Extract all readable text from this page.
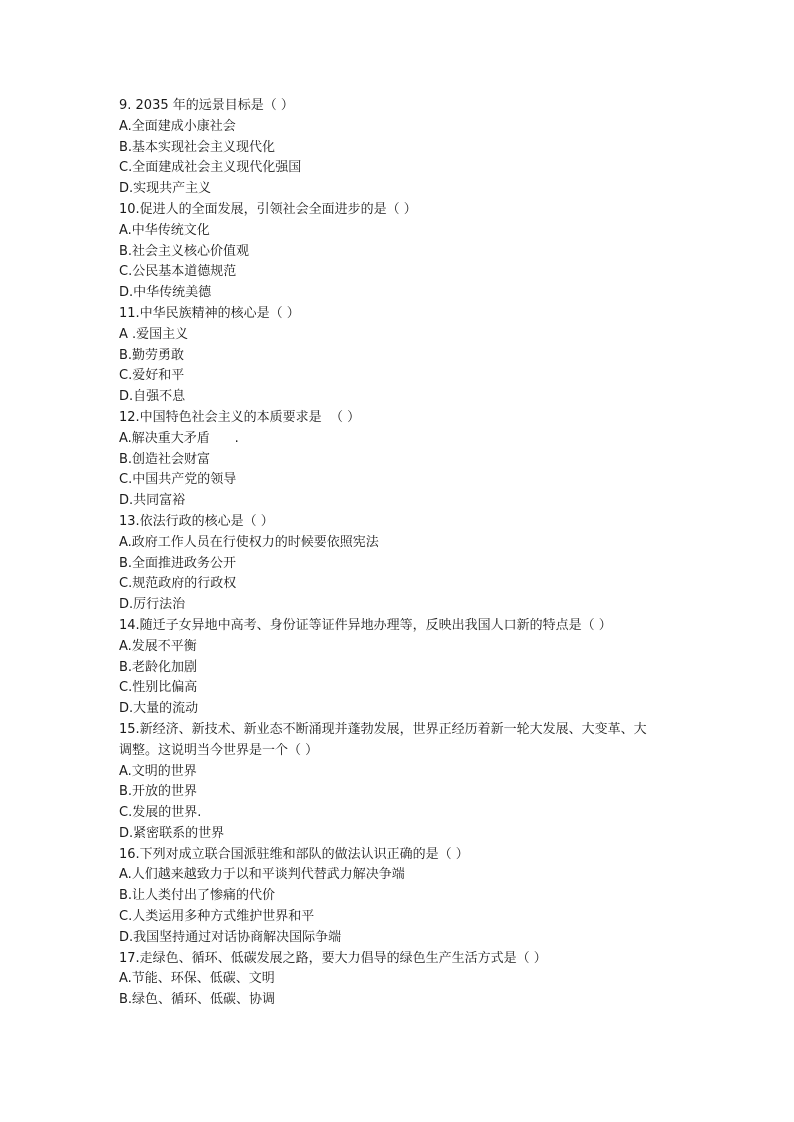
9. 2035 年的远景目标是（ ）
A.全面建成小康社会
B.基本实现社会主义现代化
C.全面建成社会主义现代化强国
D.实现共产主义
10.促进人的全面发展，引领社会全面进步的是（ ）
A.中华传统文化
B.社会主义核心价值观
C.公民基本道德规范
D.中华传统美德
11.中华民族精神的核心是（ ）
A .爱国主义
B.勤劳勇敢
C.爱好和平
D.自强不息
12.中国特色社会主义的本质要求是  （ ）
A.解决重大矛盾      .
B.创造社会财富
C.中国共产党的领导
D.共同富裕
13.依法行政的核心是（ ）
A.政府工作人员在行使权力的时候要依照宪法
B.全面推进政务公开
C.规范政府的行政权
D.厉行法治
14.随迁子女异地中高考、身份证等证件异地办理等，反映出我国人口新的特点是（ ）
A.发展不平衡
B.老龄化加剧
C.性别比偏高
D.大量的流动
15.新经济、新技术、新业态不断涌现并蓬勃发展，世界正经历着新一轮大发展、大变革、大
调整。这说明当今世界是一个（ ）
A.文明的世界
B.开放的世界
C.发展的世界.
D.紧密联系的世界
16.下列对成立联合国派驻维和部队的做法认识正确的是（ ）
A.人们越来越致力于以和平谈判代替武力解决争端
B.让人类付出了惨痛的代价
C.人类运用多种方式维护世界和平
D.我国坚持通过对话协商解决国际争端
17.走绿色、循环、低碳发展之路，要大力倡导的绿色生产生活方式是（ ）
A.节能、环保、低碳、文明
B.绿色、循环、低碳、协调
